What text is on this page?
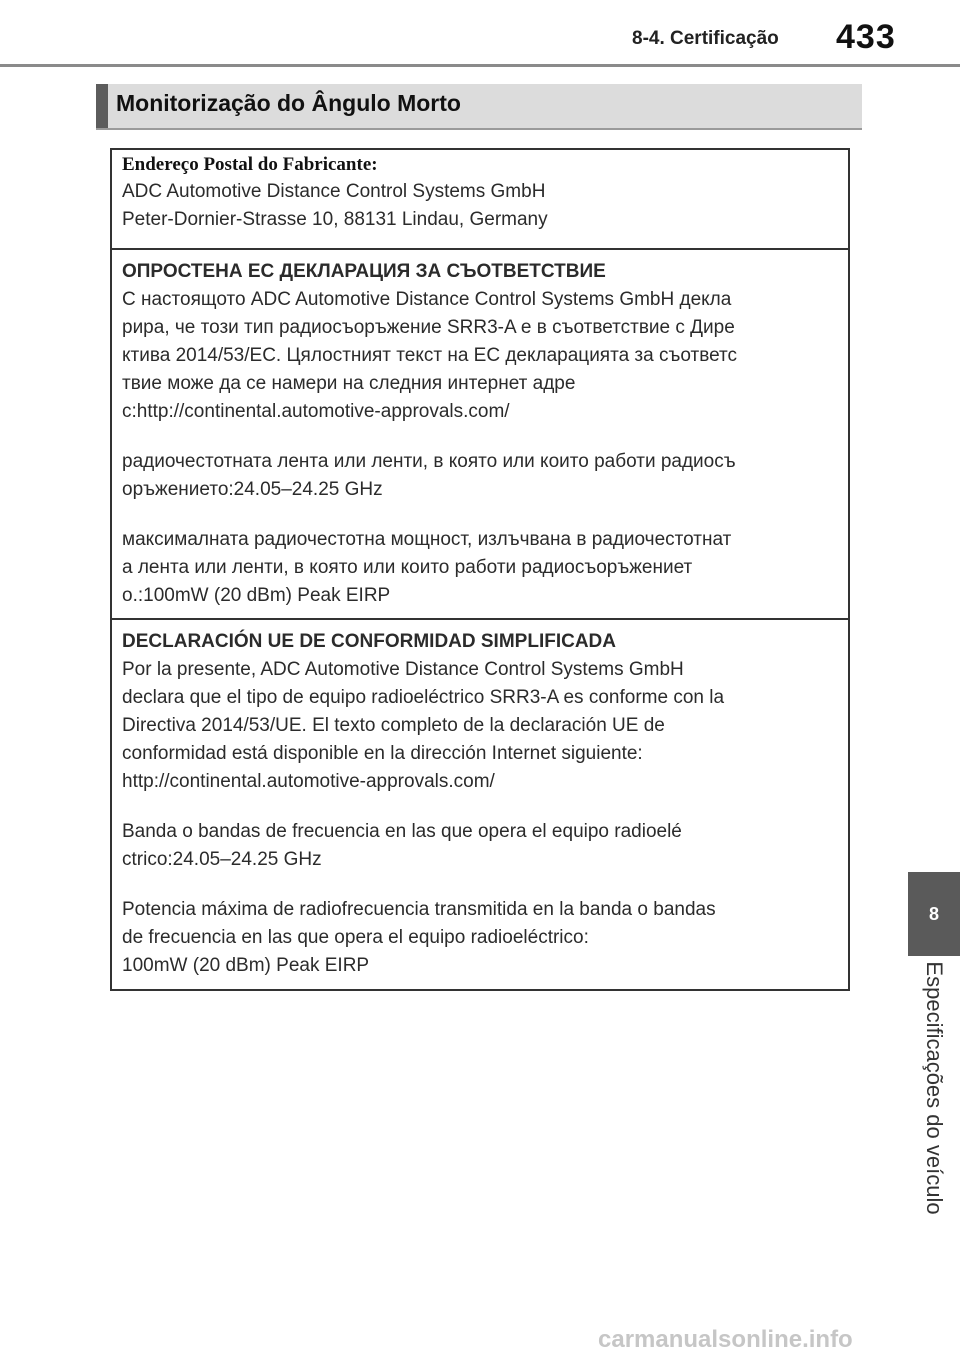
8-4. Certificação 433
Monitorização do Ângulo Morto

Endereço Postal do Fabricante:

ADC Automotive Distance Control Systems GmbH

Peter-Dornier-Strasse 10, 88131 Lindau, Germany

ОПРОСТЕНА ЕС ДЕКЛАРАЦИЯ ЗА СЪОТВЕТСТВИЕ

С настоящото ADC Automotive Distance Control Systems GmbH декла

рира, че този тип радиосъоръжение SRR3-A е в съответствие с Дире

ктива 2014/53/ЕС. Цялостният текст на ЕС декларацията за съответс

твие може да се намери на следния интернет адре

с:http://continental.automotive-approvals.com/

радиочестотната лента или ленти, в която или които работи радиосъ

оръжението:24.05–24.25 GHz

максималната радиочестотна мощност, излъчвана в радиочестотнат

а лента или ленти, в която или които работи радиосъоръжениет

о.:100mW (20 dBm) Peak EIRP

DECLARACIÓN UE DE CONFORMIDAD SIMPLIFICADA

Por la presente, ADC Automotive Distance Control Systems GmbH

declara que el tipo de equipo radioeléctrico SRR3-A es conforme con la

Directiva 2014/53/UE. El texto completo de la declaración UE de

conformidad está disponible en la dirección Internet siguiente:

http://continental.automotive-approvals.com/

Banda o bandas de frecuencia en las que opera el equipo radioelé

ctrico:24.05–24.25 GHz

Potencia máxima de radiofrecuencia transmitida en la banda o bandas

de frecuencia en las que opera el equipo radioeléctrico:

100mW (20 dBm) Peak EIRP

8
Especificações do veículo
carmanualsonline.info
